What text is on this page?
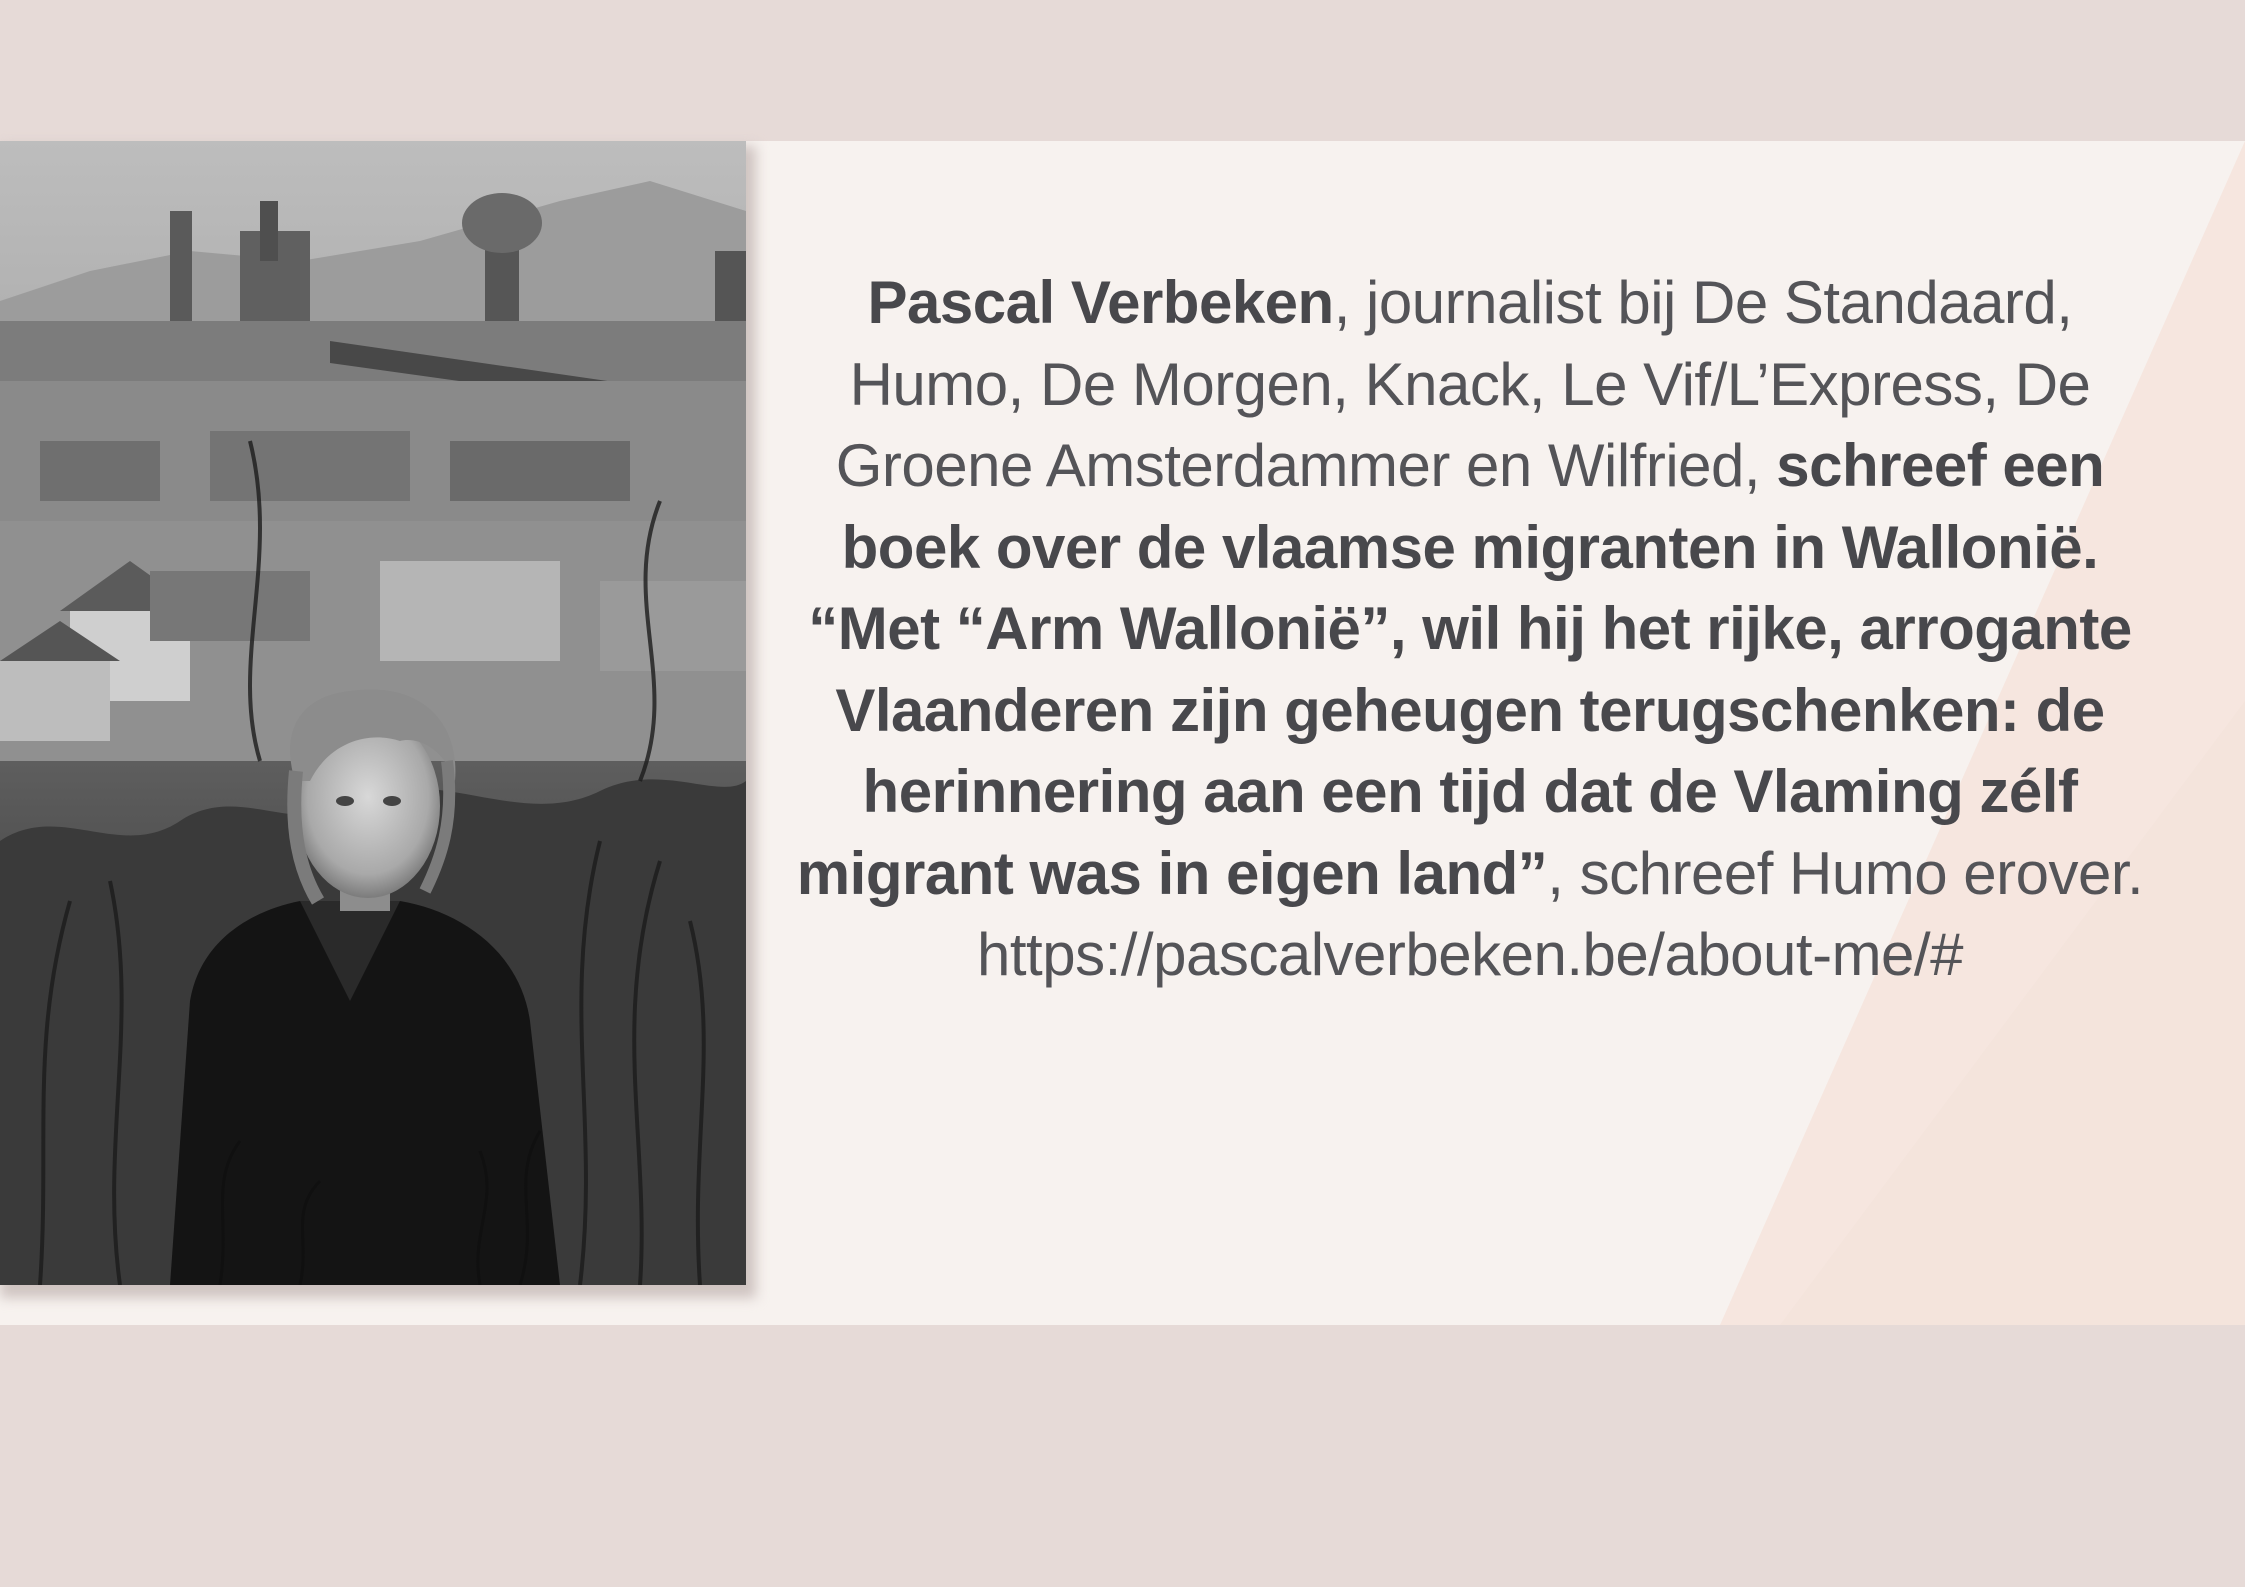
Pascal Verbeken, journalist bij De Standaard, Humo, De Morgen, Knack, Le Vif/L’Express, De Groene Amsterdammer en Wilfried, schreef een boek over de vlaamse migranten in Wallonië. “Met “Arm Wallonië”, wil hij het rijke, arrogante Vlaanderen zijn geheugen terugschenken: de herinnering aan een tijd dat de Vlaming zélf migrant was in eigen land”, schreef Humo erover.
https://pascalverbeken.be/about-me/#
